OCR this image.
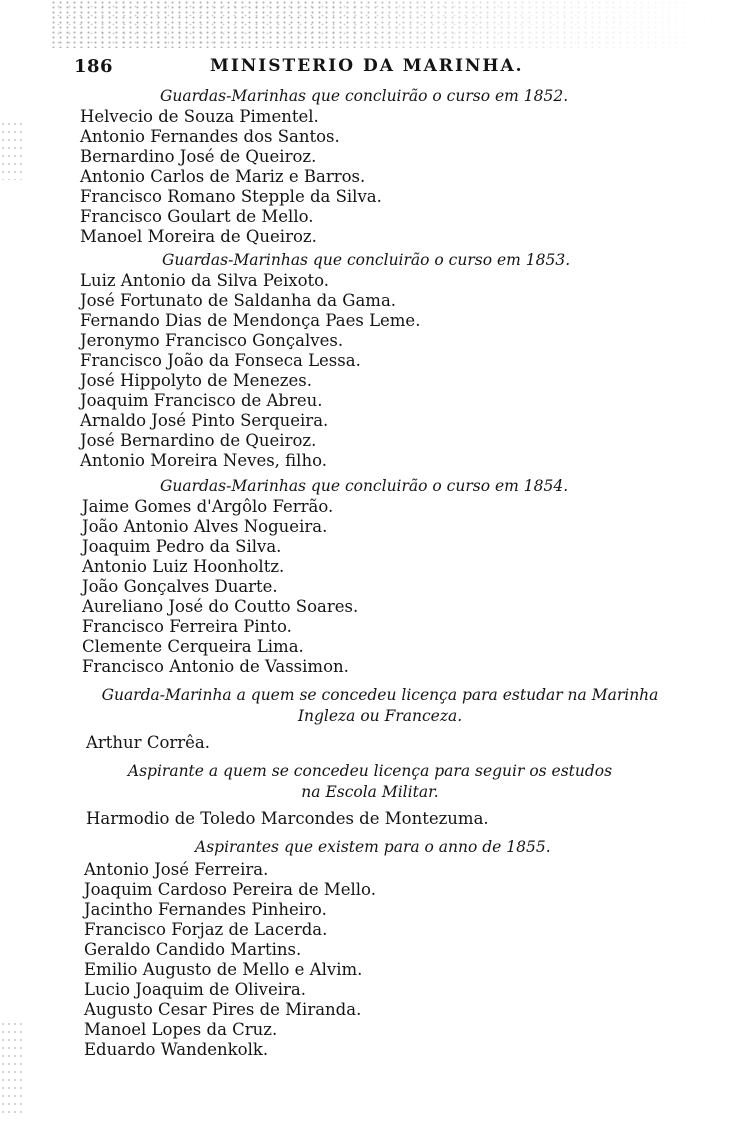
186	MINISTERIO DA MARINHA.
Guardas-Marinhas que concluirão o curso em 1852.
Helvecio de Souza Pimentel.
Antonio Fernandes dos Santos.
Bernardino José de Queiroz.
Antonio Carlos de Mariz e Barros.
Francisco Romano Stepple da Silva.
Francisco Goulart de Mello.
Manoel Moreira de Queiroz.
Guardas-Marinhas que concluirão o curso em 1853.
Luiz Antonio da Silva Peixoto.
José Fortunato de Saldanha da Gama.
Fernando Dias de Mendonça Paes Leme.
Jeronymo Francisco Gonçalves.
Francisco João da Fonseca Lessa.
José Hippolyto de Menezes.
Joaquim Francisco de Abreu.
Arnaldo José Pinto Serqueira.
José Bernardino de Queiroz.
Antonio Moreira Neves, filho.
Guardas-Marinhas que concluirão o curso em 1854.
Jaime Gomes d'Argôlo Ferrão.
João Antonio Alves Nogueira.
Joaquim Pedro da Silva.
Antonio Luiz Hoonholtz.
João Gonçalves Duarte.
Aureliano José do Coutto Soares.
Francisco Ferreira Pinto.
Clemente Cerqueira Lima.
Francisco Antonio de Vassimon.
Guarda-Marinha a quem se concedeu licença para estudar na Marinha Ingleza ou Franceza.
Arthur Corrêa.
Aspirante a quem se concedeu licença para seguir os estudos na Escola Militar.
Harmodio de Toledo Marcondes de Montezuma.
Aspirantes que existem para o anno de 1855.
Antonio José Ferreira.
Joaquim Cardoso Pereira de Mello.
Jacintho Fernandes Pinheiro.
Francisco Forjaz de Lacerda.
Geraldo Candido Martins.
Emilio Augusto de Mello e Alvim.
Lucio Joaquim de Oliveira.
Augusto Cesar Pires de Miranda.
Manoel Lopes da Cruz.
Eduardo Wandenkolk.
